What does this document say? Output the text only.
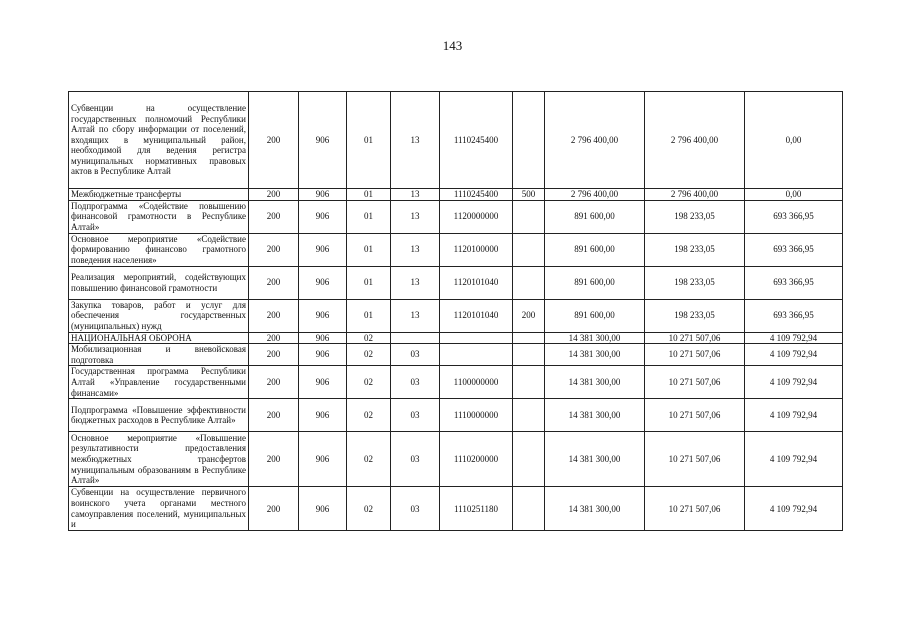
143
Субвенции на осуществление государственных полномочий Республики Алтай по сбору информации от поселений, входящих в муниципальный район, необходимой для ведения регистра муниципальных нормативных правовых актов в Республике Алтай	200	906	01	13	1110245400		2 796 400,00	2 796 400,00	0,00

Межбюджетные трансферты	200	906	01	13	1110245400	500	2 796 400,00	2 796 400,00	0,00

Подпрограмма «Содействие повышению финансовой грамотности в Республике Алтай»	200	906	01	13	1120000000		891 600,00	198 233,05	693 366,95

Основное мероприятие «Содействие формированию финансово грамотного поведения населения»	200	906	01	13	1120100000		891 600,00	198 233,05	693 366,95

Реализация мероприятий, содействующих повышению финансовой грамотности	200	906	01	13	1120101040		891 600,00	198 233,05	693 366,95

Закупка товаров, работ и услуг для обеспечения государственных (муниципальных) нужд	200	906	01	13	1120101040	200	891 600,00	198 233,05	693 366,95

НАЦИОНАЛЬНАЯ ОБОРОНА	200	906	02				14 381 300,00	10 271 507,06	4 109 792,94

Мобилизационная и вневойсковая подготовка	200	906	02	03			14 381 300,00	10 271 507,06	4 109 792,94

Государственная программа Республики Алтай «Управление государственными финансами»	200	906	02	03	1100000000		14 381 300,00	10 271 507,06	4 109 792,94

Подпрограмма «Повышение эффективности бюджетных расходов в Республике Алтай»	200	906	02	03	1110000000		14 381 300,00	10 271 507,06	4 109 792,94

Основное мероприятие «Повышение результативности предоставления межбюджетных трансфертов муниципальным образованиям в Республике Алтай»	200	906	02	03	1110200000		14 381 300,00	10 271 507,06	4 109 792,94

Субвенции на осуществление первичного воинского учета органами местного самоуправления поселений, муниципальных и	200	906	02	03	1110251180		14 381 300,00	10 271 507,06	4 109 792,94
